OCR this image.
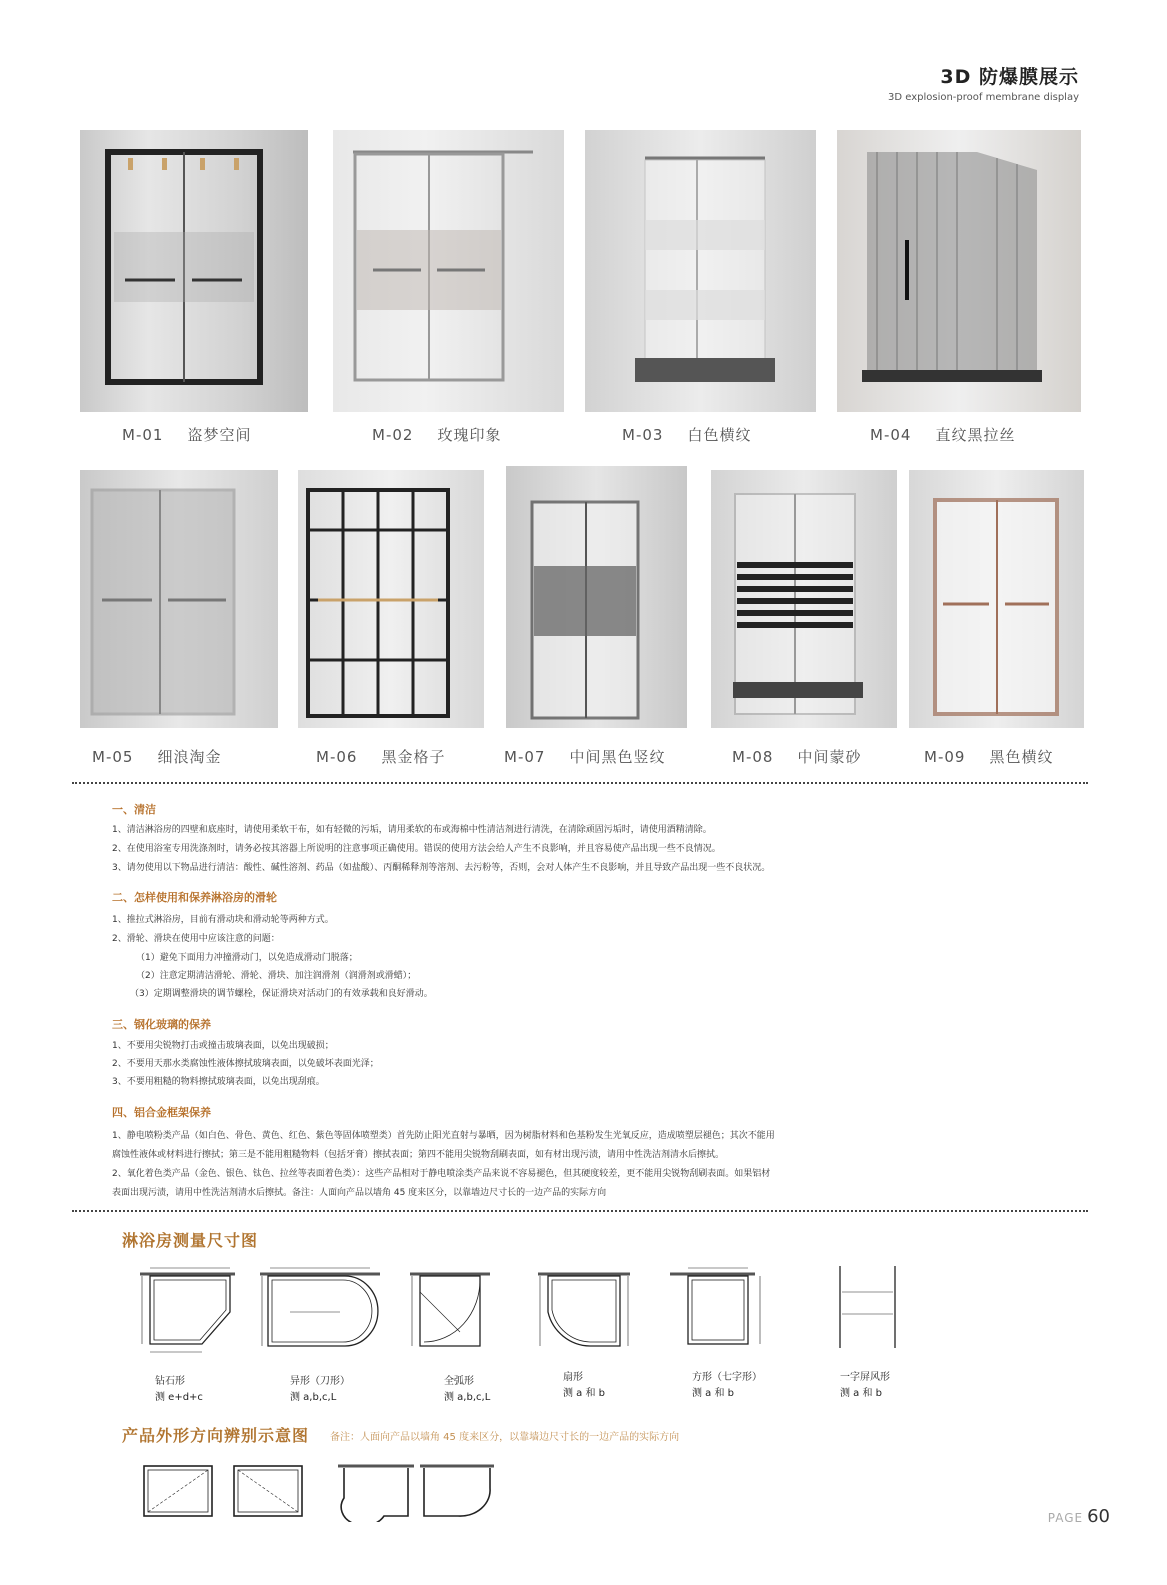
3D 防爆膜展示
3D explosion-proof membrane display
M-01 盗梦空间	M-02 玫瑰印象	M-03 白色横纹	M-04 直纹黑拉丝
M-05 细浪淘金	M-06 黑金格子	M-07 中间黑色竖纹	M-08 中间蒙砂	M-09 黑色横纹
一、清洁
1、清洁淋浴房的四壁和底座时，请使用柔软干布，如有轻微的污垢，请用柔软的布或海棉中性清洁剂进行清洗，在清除顽固污垢时，请使用酒精清除。
2、在使用浴室专用洗涤剂时，请务必按其溶器上所说明的注意事项正确使用。错误的使用方法会给人产生不良影响，并且容易使产品出现一些不良情况。
3、请勿使用以下物品进行清洁：酸性、碱性溶剂、药品（如盐酸）、丙酮稀释剂等溶剂、去污粉等，否则，会对人体产生不良影响，并且导致产品出现一些不良状况。
二、怎样使用和保养淋浴房的滑轮
1、推拉式淋浴房，目前有滑动块和滑动轮等两种方式。
2、滑轮、滑块在使用中应该注意的问题：
（1）避免下面用力冲撞滑动门，以免造成滑动门脱落；
（2）注意定期清洁滑轮、滑轮、滑块、加注润滑剂（润滑剂或滑蜡）；
（3）定期调整滑块的调节螺栓，保证滑块对活动门的有效承载和良好滑动。
三、钢化玻璃的保养
1、不要用尖锐物打击或撞击玻璃表面，以免出现破损；
2、不要用天那水类腐蚀性液体擦拭玻璃表面，以免破坏表面光泽；
3、不要用粗糙的物料擦拭玻璃表面，以免出现刮痕。
四、铝合金框架保养
1、静电喷粉类产品（如白色、骨色、黄色、红色、紫色等固体喷塑类）首先防止阳光直射与暴晒，因为树脂材料和色基粉发生光氧反应，造成喷塑层褪色；其次不能用
腐蚀性液体或材料进行擦拭；第三是不能用粗糙物料（包括牙膏）擦拭表面；第四不能用尖锐物刮刷表面，如有材出现污渍，请用中性洗洁剂清水后擦拭。
2、氧化着色类产品（金色、银色、钛色、拉丝等表面着色类）：这些产品相对于静电喷涂类产品来说不容易褪色，但其硬度较差，更不能用尖锐物刮刷表面。如果铝材
表面出现污渍，请用中性洗洁剂清水后擦拭。备注：人面向产品以墙角 45 度来区分，以靠墙边尺寸长的一边产品的实际方向
淋浴房测量尺寸图
钻石形
测 e+d+c
异形（刀形）
测 a,b,c,L
全弧形
测 a,b,c,L
扇形
测 a 和 b
方形（七字形）
测 a 和 b
一字屏风形
测 a 和 b
产品外形方向辨别示意图 备注：人面向产品以墙角 45 度来区分，以靠墙边尺寸长的一边产品的实际方向
PAGE 60
